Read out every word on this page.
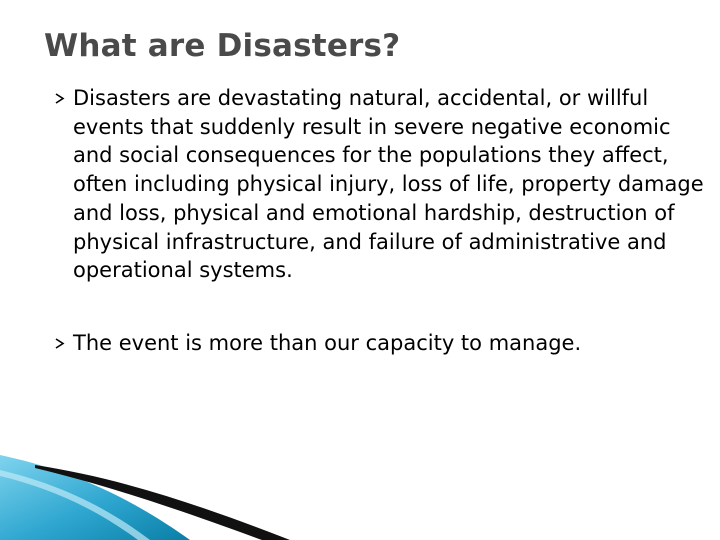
What are Disasters?
Disasters are devastating natural, accidental, or willful events that suddenly result in severe negative economic and social consequences for the populations they affect, often including physical injury, loss of life, property damage and loss, physical and emotional hardship, destruction of physical infrastructure, and failure of administrative and operational systems.
The event is more than our capacity to manage.
